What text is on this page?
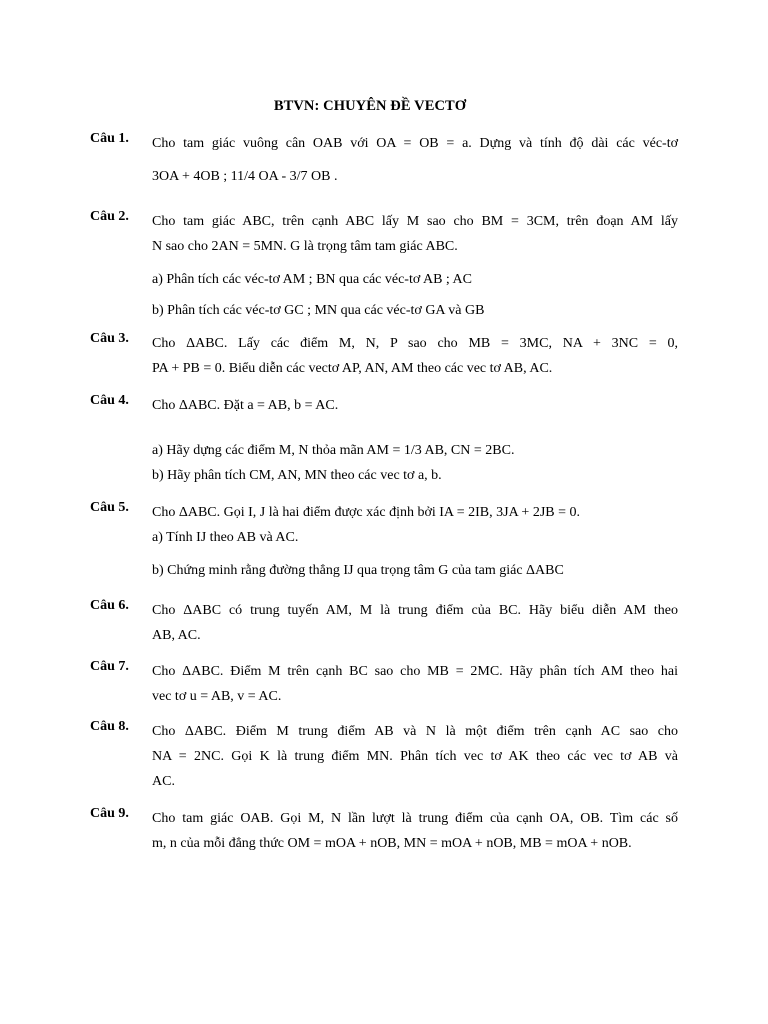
BTVN: CHUYÊN ĐỀ VECTƠ
Câu 1. Cho tam giác vuông cân OAB với OA = OB = a. Dựng và tính độ dài các véc-tơ
3OA + 4OB ; 11/4 OA - 3/7 OB .
Câu 2. Cho tam giác ABC, trên cạnh ABC lấy M sao cho BM = 3CM, trên đoạn AM lấy
N sao cho 2AN = 5MN. G là trọng tâm tam giác ABC.
a) Phân tích các véc-tơ AM ; BN qua các véc-tơ AB ; AC
b) Phân tích các véc-tơ GC ; MN qua các véc-tơ GA và GB
Câu 3. Cho ΔABC. Lấy các điểm M, N, P sao cho MB = 3MC, NA + 3NC = 0,
PA + PB = 0. Biểu diễn các vectơ AP, AN, AM theo các vec tơ AB, AC.
Câu 4. Cho ΔABC. Đặt a = AB, b = AC.
a) Hãy dựng các điểm M, N thỏa mãn AM = 1/3 AB, CN = 2BC.
b) Hãy phân tích CM, AN, MN theo các vec tơ a, b.
Câu 5. Cho ΔABC. Gọi I, J là hai điểm được xác định bởi IA = 2IB, 3JA + 2JB = 0.
a) Tính IJ theo AB và AC.
b) Chứng minh rằng đường thẳng IJ qua trọng tâm G của tam giác ΔABC
Câu 6. Cho ΔABC có trung tuyến AM, M là trung điểm của BC. Hãy biểu diễn AM theo
AB, AC.
Câu 7. Cho ΔABC. Điểm M trên cạnh BC sao cho MB = 2MC. Hãy phân tích AM theo hai
vec tơ u = AB, v = AC.
Câu 8. Cho ΔABC. Điểm M trung điểm AB và N là một điểm trên cạnh AC sao cho
NA = 2NC. Gọi K là trung điểm MN. Phân tích vec tơ AK theo các vec tơ AB và
AC.
Câu 9. Cho tam giác OAB. Gọi M, N lần lượt là trung điểm của cạnh OA, OB. Tìm các số
m, n của mỗi đẳng thức OM = mOA + nOB, MN = mOA + nOB, MB = mOA + nOB.
